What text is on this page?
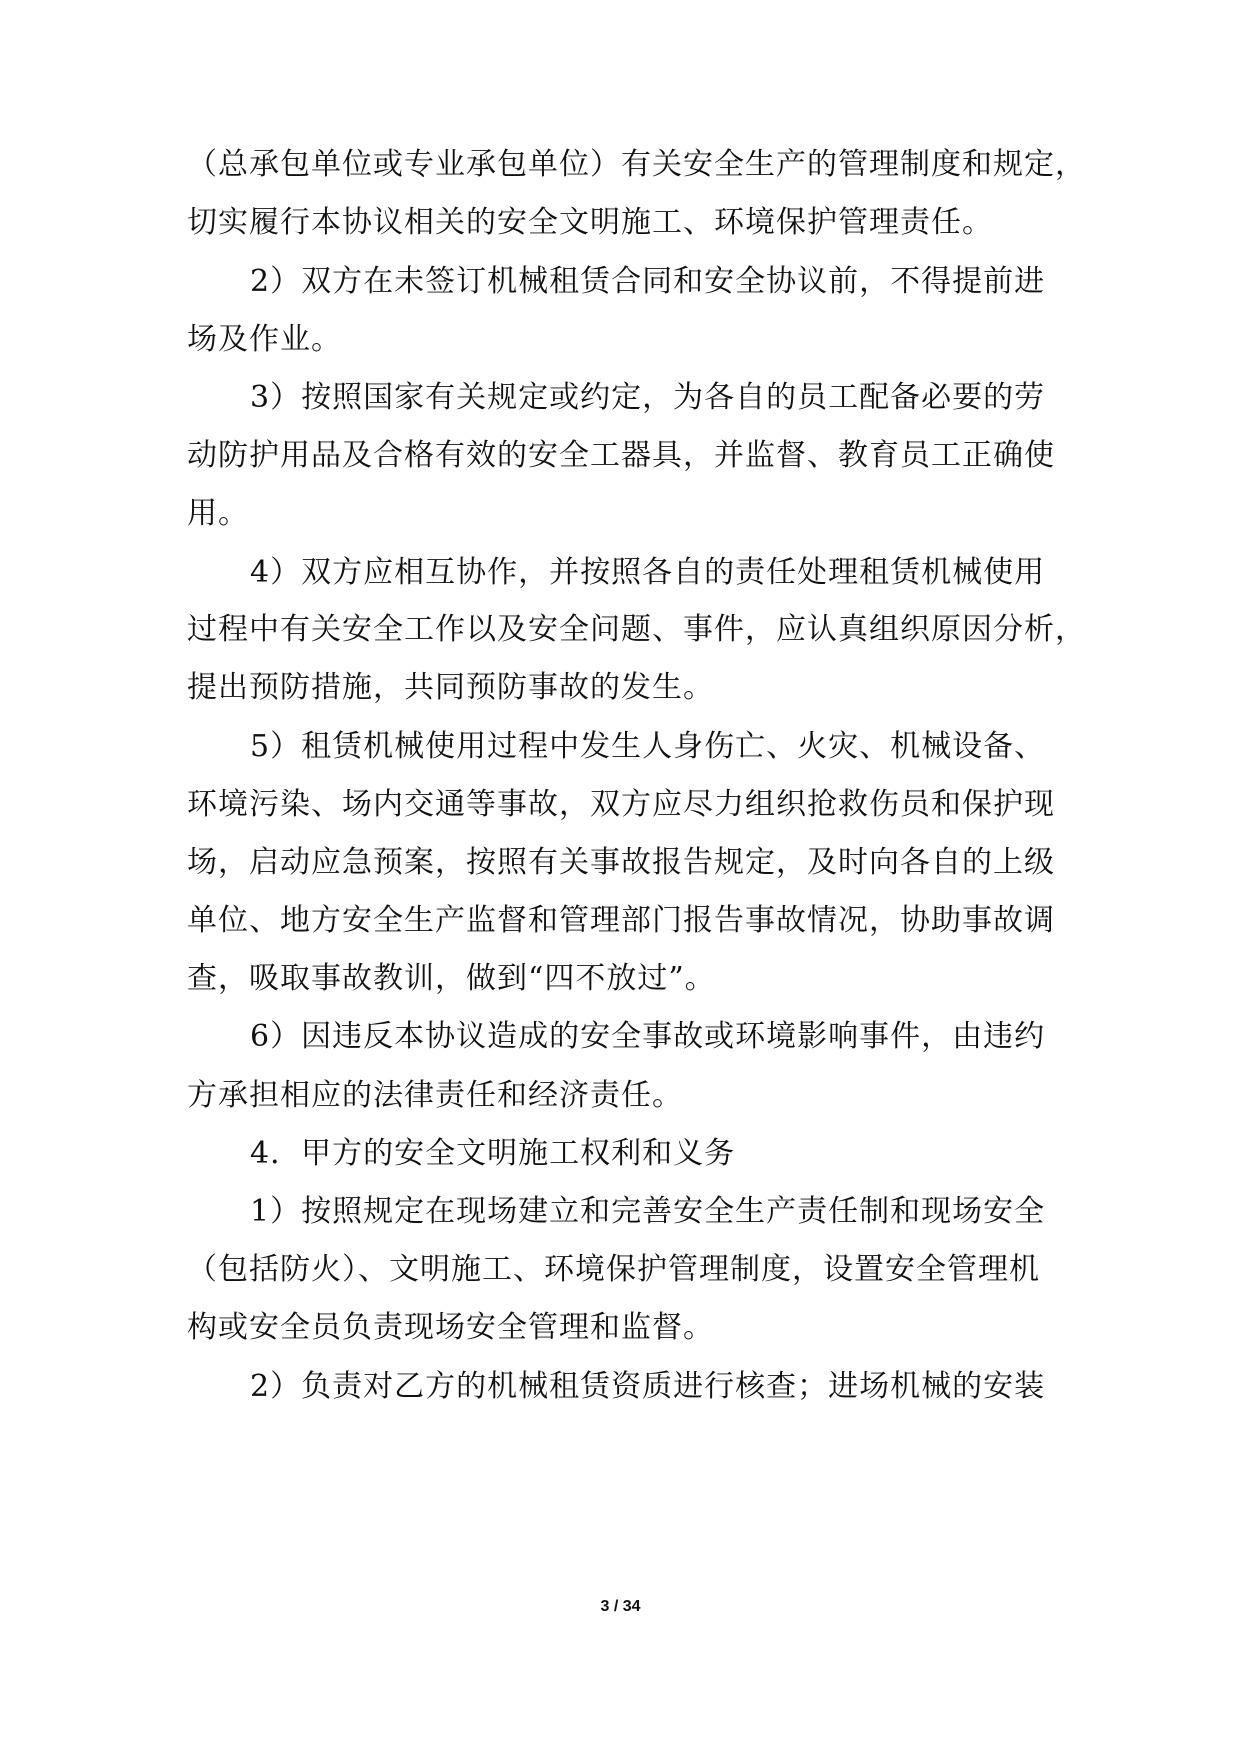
（总承包单位或专业承包单位）有关安全生产的管理制度和规定，
切实履行本协议相关的安全文明施工、环境保护管理责任。
2）双方在未签订机械租赁合同和安全协议前，不得提前进
场及作业。
3）按照国家有关规定或约定，为各自的员工配备必要的劳
动防护用品及合格有效的安全工器具，并监督、教育员工正确使
用。
4）双方应相互协作，并按照各自的责任处理租赁机械使用
过程中有关安全工作以及安全问题、事件，应认真组织原因分析，
提出预防措施，共同预防事故的发生。
5）租赁机械使用过程中发生人身伤亡、火灾、机械设备、
环境污染、场内交通等事故，双方应尽力组织抢救伤员和保护现
场，启动应急预案，按照有关事故报告规定，及时向各自的上级
单位、地方安全生产监督和管理部门报告事故情况，协助事故调
查，吸取事故教训，做到“四不放过”。
6）因违反本协议造成的安全事故或环境影响事件，由违约
方承担相应的法律责任和经济责任。
4．甲方的安全文明施工权利和义务
1）按照规定在现场建立和完善安全生产责任制和现场安全
（包括防火）、文明施工、环境保护管理制度，设置安全管理机
构或安全员负责现场安全管理和监督。
2）负责对乙方的机械租赁资质进行核查；进场机械的安装
3 / 34
